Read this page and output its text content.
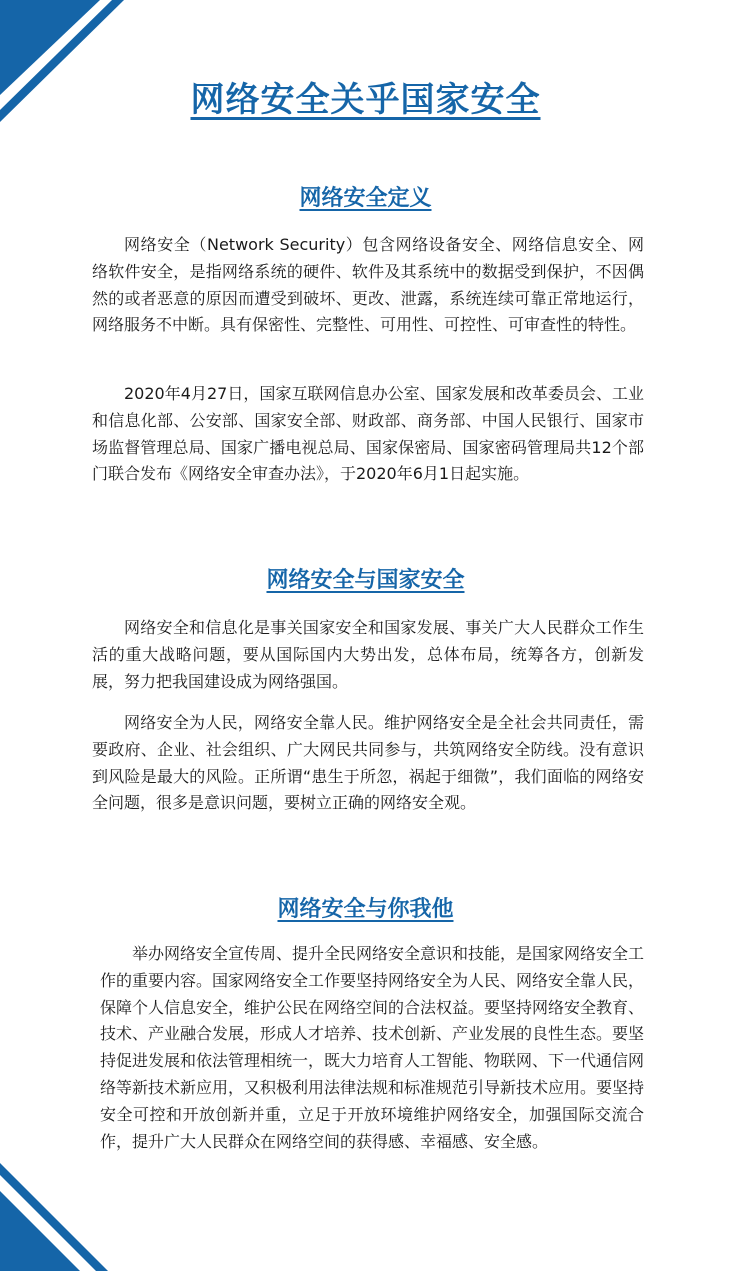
网络安全关乎国家安全
网络安全定义

网络安全（Network Security）包含网络设备安全、网络信息安全、网络软件安全，是指网络系统的硬件、软件及其系统中的数据受到保护，不因偶然的或者恶意的原因而遭受到破坏、更改、泄露，系统连续可靠正常地运行，网络服务不中断。具有保密性、完整性、可用性、可控性、可审查性的特性。

2020年4月27日，国家互联网信息办公室、国家发展和改革委员会、工业和信息化部、公安部、国家安全部、财政部、商务部、中国人民银行、国家市场监督管理总局、国家广播电视总局、国家保密局、国家密码管理局共12个部门联合发布《网络安全审查办法》，于2020年6月1日起实施。

网络安全与国家安全

网络安全和信息化是事关国家安全和国家发展、事关广大人民群众工作生活的重大战略问题，要从国际国内大势出发，总体布局，统筹各方，创新发展，努力把我国建设成为网络强国。

网络安全为人民，网络安全靠人民。维护网络安全是全社会共同责任，需要政府、企业、社会组织、广大网民共同参与，共筑网络安全防线。没有意识到风险是最大的风险。正所谓“患生于所忽，祸起于细微”，我们面临的网络安全问题，很多是意识问题，要树立正确的网络安全观。

网络安全与你我他

举办网络安全宣传周、提升全民网络安全意识和技能，是国家网络安全工作的重要内容。国家网络安全工作要坚持网络安全为人民、网络安全靠人民，保障个人信息安全，维护公民在网络空间的合法权益。要坚持网络安全教育、技术、产业融合发展，形成人才培养、技术创新、产业发展的良性生态。要坚持促进发展和依法管理相统一，既大力培育人工智能、物联网、下一代通信网络等新技术新应用，又积极利用法律法规和标准规范引导新技术应用。要坚持安全可控和开放创新并重，立足于开放环境维护网络安全，加强国际交流合作，提升广大人民群众在网络空间的获得感、幸福感、安全感。
